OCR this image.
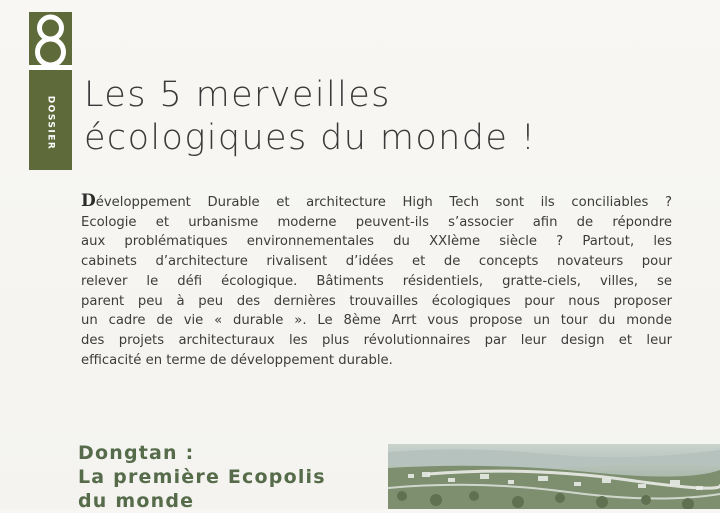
DOSSIER
Les 5 merveilles
écologiques du monde !

Développement Durable et architecture High Tech sont ils conciliables ?
Ecologie et urbanisme moderne peuvent-ils s’associer afin de répondre
aux problématiques environnementales du XXIème siècle ? Partout, les
cabinets d’architecture rivalisent d’idées et de concepts novateurs pour
relever le défi écologique. Bâtiments résidentiels, gratte-ciels, villes, se
parent peu à peu des dernières trouvailles écologiques pour nous proposer
un cadre de vie « durable ». Le 8ème Arrt vous propose un tour du monde
des projets architecturaux les plus révolutionnaires par leur design et leur
efficacité en terme de développement durable.

Dongtan :
La première Ecopolis
du monde
